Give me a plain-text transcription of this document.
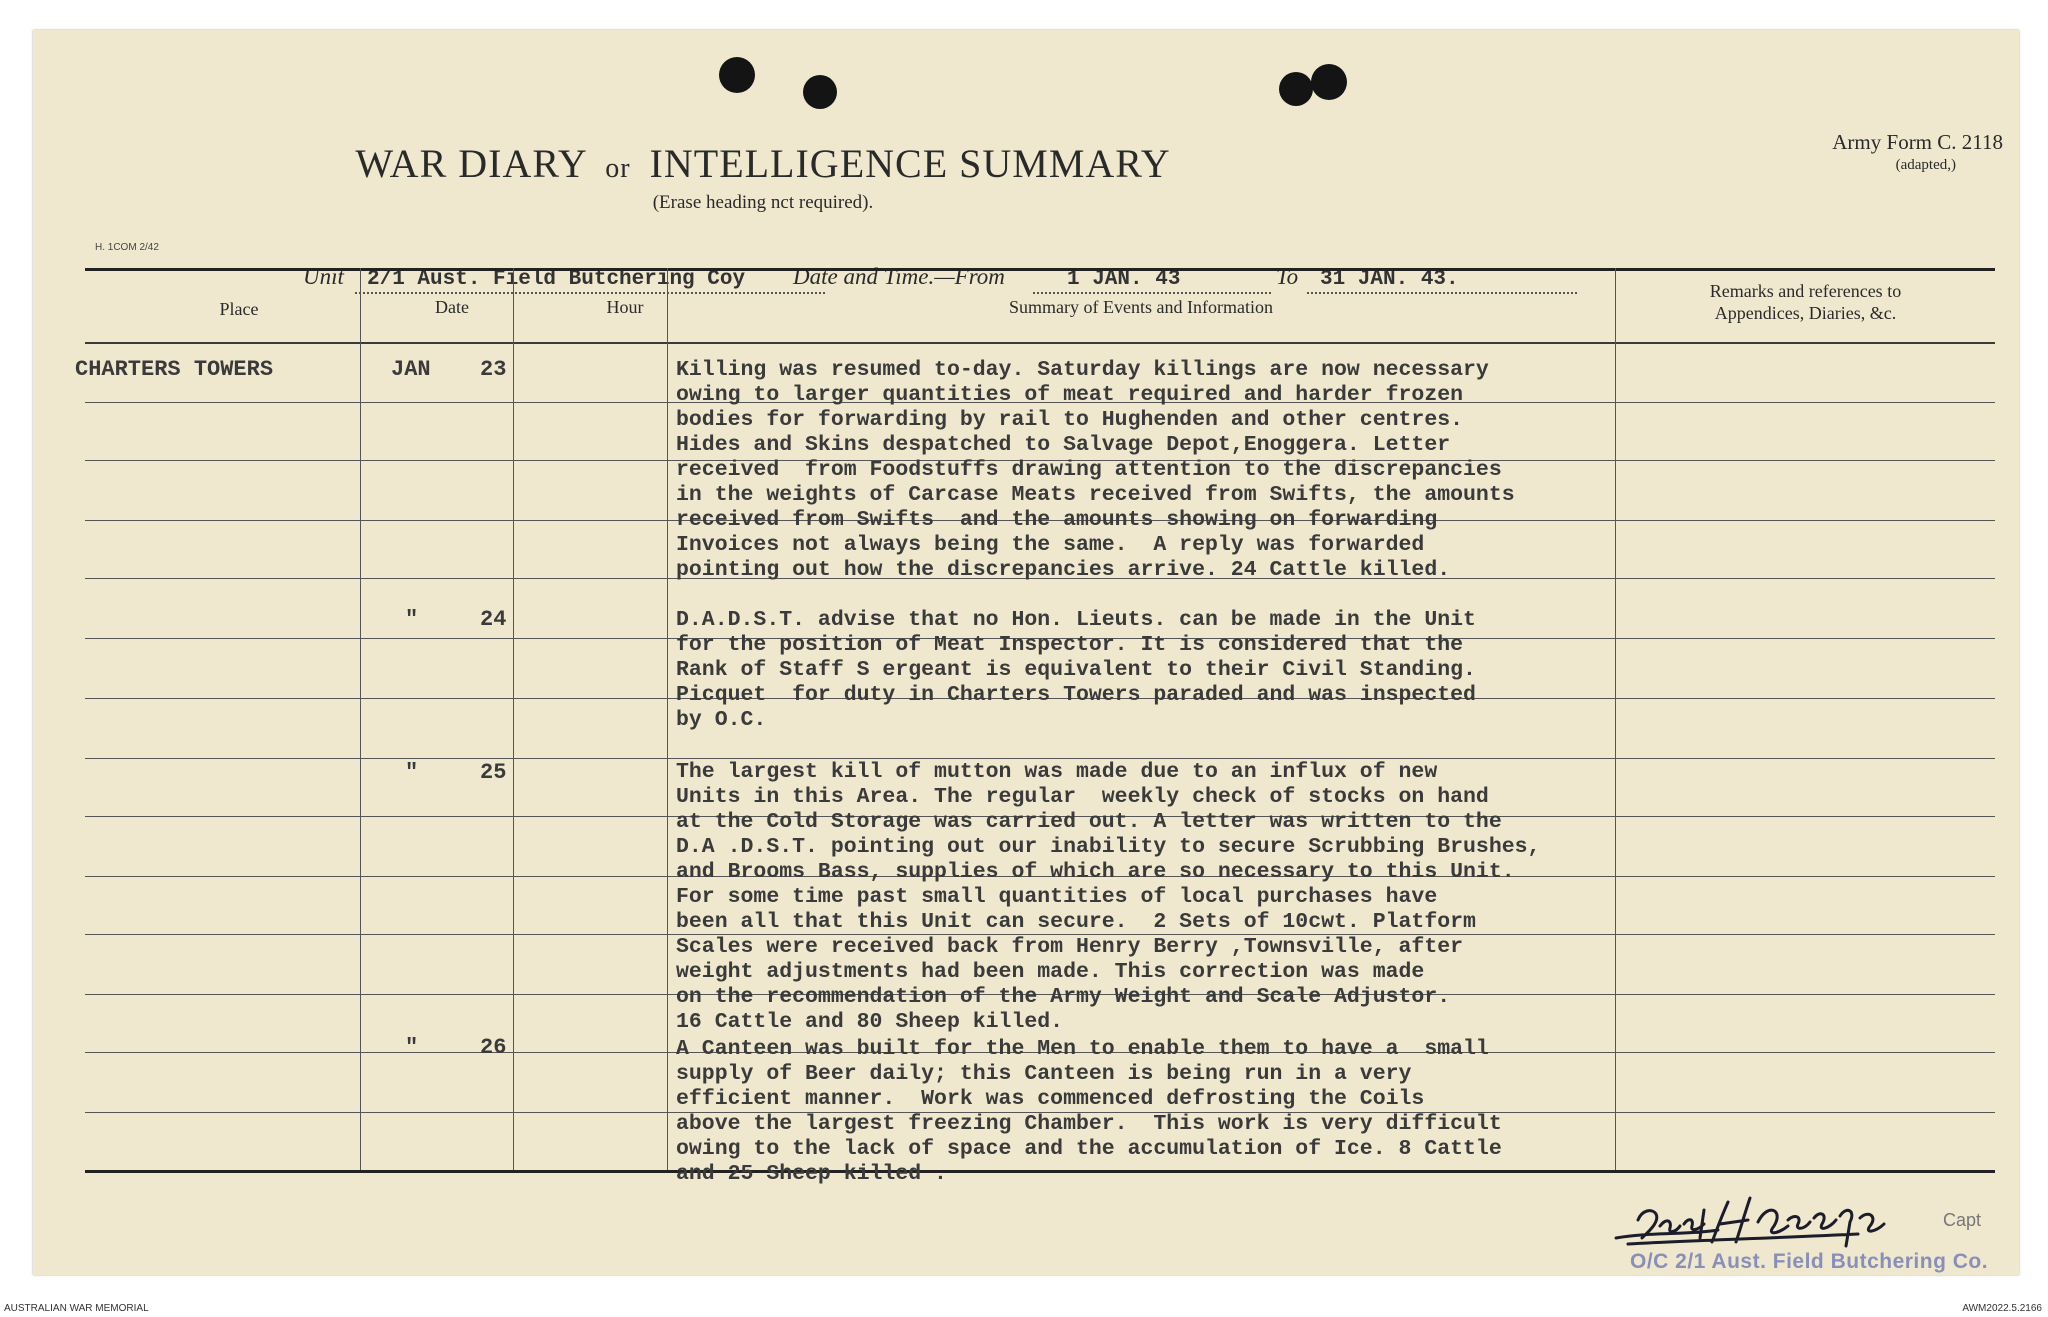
WAR DIARY or INTELLIGENCE SUMMARY
(Erase heading nct required).
Army Form C. 2118
(adapted,)
H. 1COM 2/42
Unit 2/1 Aust. Field Butchering Coy Date and Time.—From	1 JAN. 43	To 31 JAN. 43.
Place	Date	Hour	Summary of Events and Information
Remarks and references to
Appendices, Diaries, &c.
CHARTERS TOWERS	JAN 23	Killing was resumed to-day. Saturday killings are now necessary
owing to larger quantities of meat required and harder frozen
bodies for forwarding by rail to Hughenden and other centres.
Hides and Skins despatched to Salvage Depot,Enoggera. Letter
received  from Foodstuffs drawing attention to the discrepancies
in the weights of Carcase Meats received from Swifts, the amounts
received from Swifts  and the amounts showing on forwarding
Invoices not always being the same.  A reply was forwarded
pointing out how the discrepancies arrive. 24 Cattle killed.
"	24	D.A.D.S.T. advise that no Hon. Lieuts. can be made in the Unit
for the position of Meat Inspector. It is considered that the
Rank of Staff S ergeant is equivalent to their Civil Standing.
Picquet  for duty in Charters Towers paraded and was inspected
by O.C.
"	25	The largest kill of mutton was made due to an influx of new
Units in this Area. The regular  weekly check of stocks on hand
at the Cold Storage was carried out. A letter was written to the
D.A .D.S.T. pointing out our inability to secure Scrubbing Brushes,
and Brooms Bass, supplies of which are so necessary to this Unit.
For some time past small quantities of local purchases have
been all that this Unit can secure.  2 Sets of 10cwt. Platform
Scales were received back from Henry Berry ,Townsville, after
weight adjustments had been made. This correction was made
on the recommendation of the Army Weight and Scale Adjustor.
16 Cattle and 80 Sheep killed.
"	26	A Canteen was built for the Men to enable them to have a  small
supply of Beer daily; this Canteen is being run in a very
efficient manner.  Work was commenced defrosting the Coils
above the largest freezing Chamber.  This work is very difficult
owing to the lack of space and the accumulation of Ice. 8 Cattle
and 25 Sheep killed .
Capt
O/C 2/1 Aust. Field Butchering Co.
AUSTRALIAN WAR MEMORIAL	AWM2022.5.2166
